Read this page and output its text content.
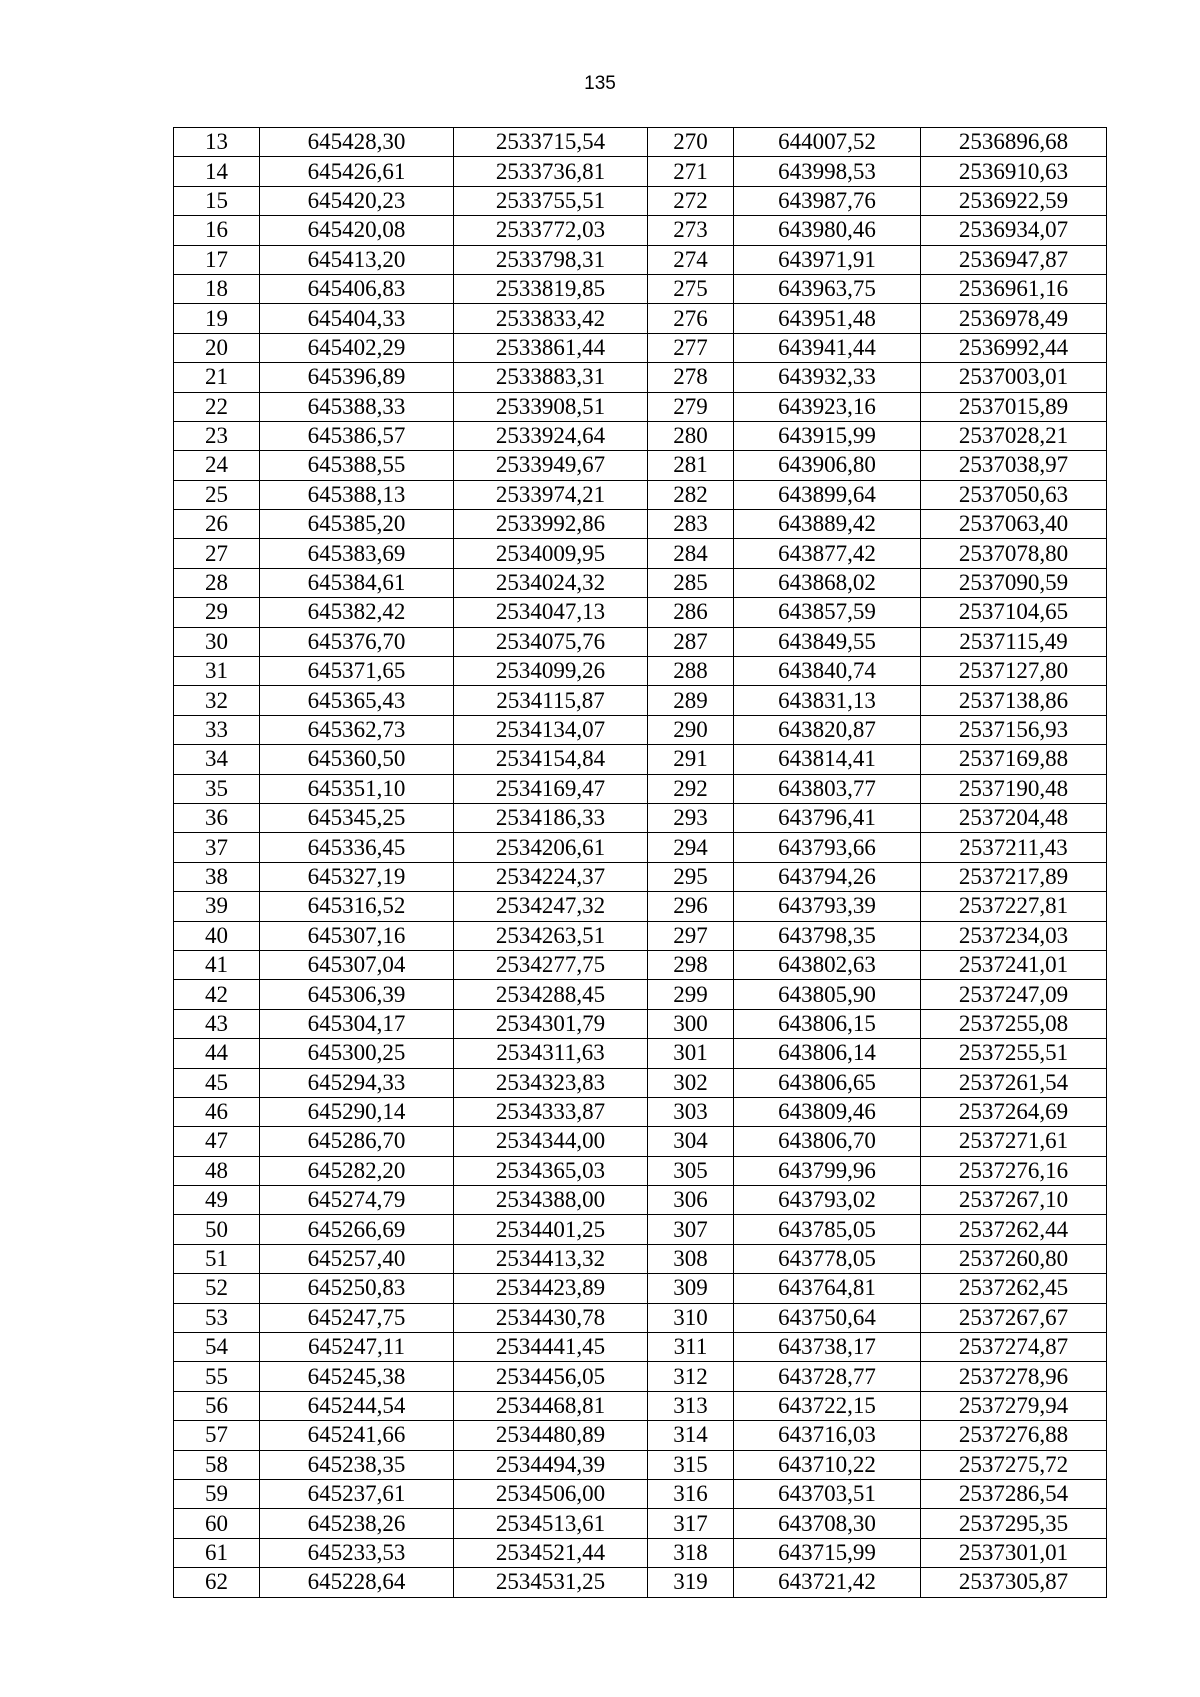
135
13	645428,30	2533715,54	270	644007,52	2536896,68
14	645426,61	2533736,81	271	643998,53	2536910,63
15	645420,23	2533755,51	272	643987,76	2536922,59
16	645420,08	2533772,03	273	643980,46	2536934,07
17	645413,20	2533798,31	274	643971,91	2536947,87
18	645406,83	2533819,85	275	643963,75	2536961,16
19	645404,33	2533833,42	276	643951,48	2536978,49
20	645402,29	2533861,44	277	643941,44	2536992,44
21	645396,89	2533883,31	278	643932,33	2537003,01
22	645388,33	2533908,51	279	643923,16	2537015,89
23	645386,57	2533924,64	280	643915,99	2537028,21
24	645388,55	2533949,67	281	643906,80	2537038,97
25	645388,13	2533974,21	282	643899,64	2537050,63
26	645385,20	2533992,86	283	643889,42	2537063,40
27	645383,69	2534009,95	284	643877,42	2537078,80
28	645384,61	2534024,32	285	643868,02	2537090,59
29	645382,42	2534047,13	286	643857,59	2537104,65
30	645376,70	2534075,76	287	643849,55	2537115,49
31	645371,65	2534099,26	288	643840,74	2537127,80
32	645365,43	2534115,87	289	643831,13	2537138,86
33	645362,73	2534134,07	290	643820,87	2537156,93
34	645360,50	2534154,84	291	643814,41	2537169,88
35	645351,10	2534169,47	292	643803,77	2537190,48
36	645345,25	2534186,33	293	643796,41	2537204,48
37	645336,45	2534206,61	294	643793,66	2537211,43
38	645327,19	2534224,37	295	643794,26	2537217,89
39	645316,52	2534247,32	296	643793,39	2537227,81
40	645307,16	2534263,51	297	643798,35	2537234,03
41	645307,04	2534277,75	298	643802,63	2537241,01
42	645306,39	2534288,45	299	643805,90	2537247,09
43	645304,17	2534301,79	300	643806,15	2537255,08
44	645300,25	2534311,63	301	643806,14	2537255,51
45	645294,33	2534323,83	302	643806,65	2537261,54
46	645290,14	2534333,87	303	643809,46	2537264,69
47	645286,70	2534344,00	304	643806,70	2537271,61
48	645282,20	2534365,03	305	643799,96	2537276,16
49	645274,79	2534388,00	306	643793,02	2537267,10
50	645266,69	2534401,25	307	643785,05	2537262,44
51	645257,40	2534413,32	308	643778,05	2537260,80
52	645250,83	2534423,89	309	643764,81	2537262,45
53	645247,75	2534430,78	310	643750,64	2537267,67
54	645247,11	2534441,45	311	643738,17	2537274,87
55	645245,38	2534456,05	312	643728,77	2537278,96
56	645244,54	2534468,81	313	643722,15	2537279,94
57	645241,66	2534480,89	314	643716,03	2537276,88
58	645238,35	2534494,39	315	643710,22	2537275,72
59	645237,61	2534506,00	316	643703,51	2537286,54
60	645238,26	2534513,61	317	643708,30	2537295,35
61	645233,53	2534521,44	318	643715,99	2537301,01
62	645228,64	2534531,25	319	643721,42	2537305,87
